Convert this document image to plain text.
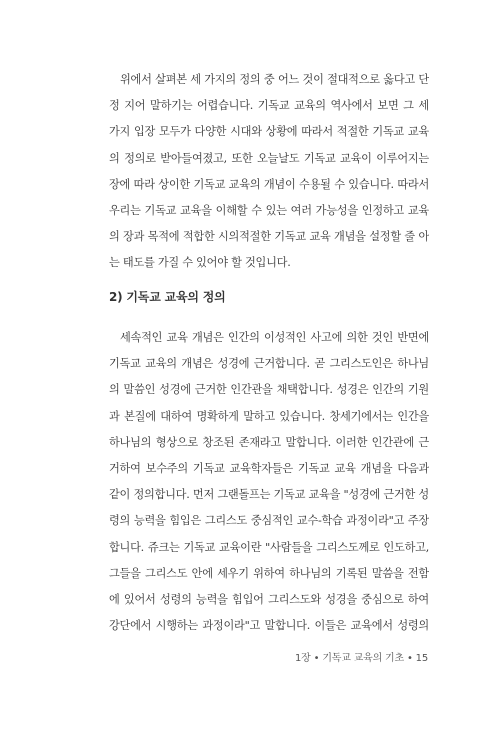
위에서 살펴본 세 가지의 정의 중 어느 것이 절대적으로 옳다고 단
정 지어 말하기는 어렵습니다. 기독교 교육의 역사에서 보면 그 세
가지 입장 모두가 다양한 시대와 상황에 따라서 적절한 기독교 교육
의 정의로 받아들여졌고, 또한 오늘날도 기독교 교육이 이루어지는
장에 따라 상이한 기독교 교육의 개념이 수용될 수 있습니다. 따라서
우리는 기독교 교육을 이해할 수 있는 여러 가능성을 인정하고 교육
의 장과 목적에 적합한 시의적절한 기독교 교육 개념을 설정할 줄 아
는 태도를 가질 수 있어야 할 것입니다.
2) 기독교 교육의 정의
세속적인 교육 개념은 인간의 이성적인 사고에 의한 것인 반면에
기독교 교육의 개념은 성경에 근거합니다. 곧 그리스도인은 하나님
의 말씀인 성경에 근거한 인간관을 채택합니다. 성경은 인간의 기원
과 본질에 대하여 명확하게 말하고 있습니다. 창세기에서는 인간을
하나님의 형상으로 창조된 존재라고 말합니다. 이러한 인간관에 근
거하여 보수주의 기독교 교육학자들은 기독교 교육 개념을 다음과
같이 정의합니다. 먼저 그랜돌프는 기독교 교육을 "성경에 근거한 성
령의 능력을 힘입은 그리스도 중심적인 교수-학습 과정이라"고 주장
합니다. 쥬크는 기독교 교육이란 "사람들을 그리스도께로 인도하고,
그들을 그리스도 안에 세우기 위하여 하나님의 기록된 말씀을 전함
에 있어서 성령의 능력을 힘입어 그리스도와 성경을 중심으로 하여
강단에서 시행하는 과정이라"고 말합니다. 이들은 교육에서 성령의
1장 • 기독교 교육의 기초 • 15
